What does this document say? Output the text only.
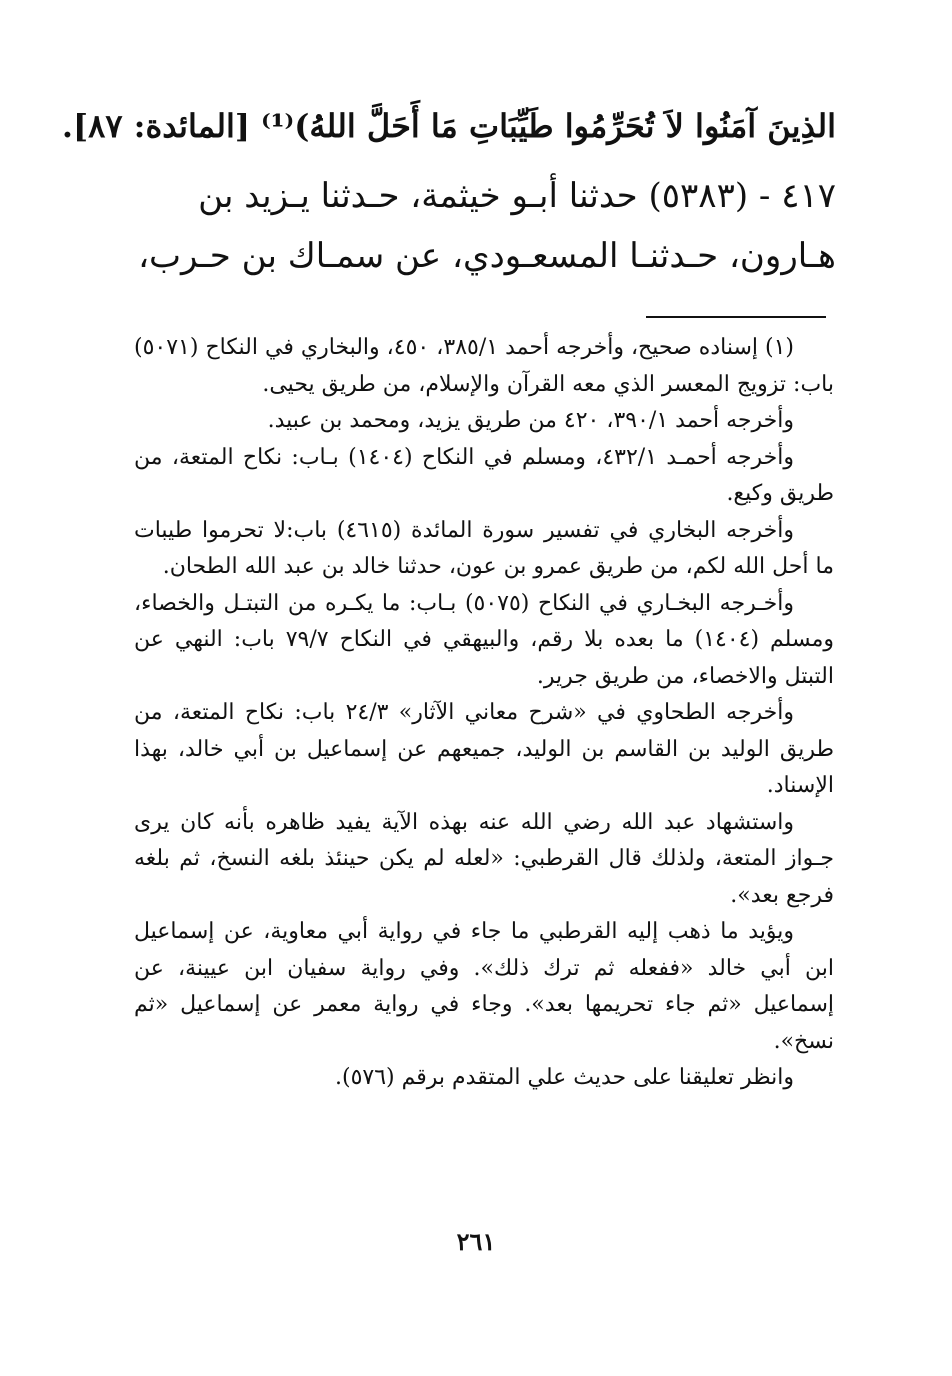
الذِينَ آمَنُوا لاَ تُحَرِّمُوا طَيِّبَاتِ مَا أَحَلَّ اللهُ)⁽¹⁾ [المائدة: ٨٧].
٤١٧ - (٥٣٨٣) حدثنا أبـو خيثمة، حـدثنا يـزيد بن
هـارون، حـدثنـا المسعـودي، عن سمـاك بن حـرب،

(١) إسناده صحيح، وأخرجه أحمد ٣٨٥/١، ٤٥٠، والبخاري في النكاح (٥٠٧١) باب: تزويج المعسر الذي معه القرآن والإسلام، من طريق يحيى.

وأخرجه أحمد ٣٩٠/١، ٤٢٠ من طريق يزيد، ومحمد بن عبيد.

وأخرجه أحمـد ٤٣٢/١، ومسلم في النكاح (١٤٠٤) بـاب: نكاح المتعة، من طريق وكيع.

وأخرجه البخاري في تفسير سورة المائدة (٤٦١٥) باب:لا تحرموا طيبات ما أحل الله لكم، من طريق عمرو بن عون، حدثنا خالد بن عبد الله الطحان.

وأخـرجه البخـاري في النكاح (٥٠٧٥) بـاب: ما يكـره من التبتـل والخصاء، ومسلم (١٤٠٤) ما بعده بلا رقم، والبيهقي في النكاح ٧٩/٧ باب: النهي عن التبتل والاخصاء، من طريق جرير.

وأخرجه الطحاوي في «شرح معاني الآثار» ٢٤/٣ باب: نكاح المتعة، من طريق الوليد بن القاسم بن الوليد، جميعهم عن إسماعيل بن أبي خالد، بهذا الإسناد.

واستشهاد عبد الله رضي الله عنه بهذه الآية يفيد ظاهره بأنه كان يرى جـواز المتعة، ولذلك قال القرطبي: «لعله لم يكن حينئذ بلغه النسخ، ثم بلغه فرجع بعد».

ويؤيد ما ذهب إليه القرطبي ما جاء في رواية أبي معاوية، عن إسماعيل ابن أبي خالد «ففعله ثم ترك ذلك». وفي رواية سفيان ابن عيينة، عن إسماعيل «ثم جاء تحريمها بعد». وجاء في رواية معمر عن إسماعيل «ثم نسخ».

وانظر تعليقنا على حديث علي المتقدم برقم (٥٧٦).

٢٦١
